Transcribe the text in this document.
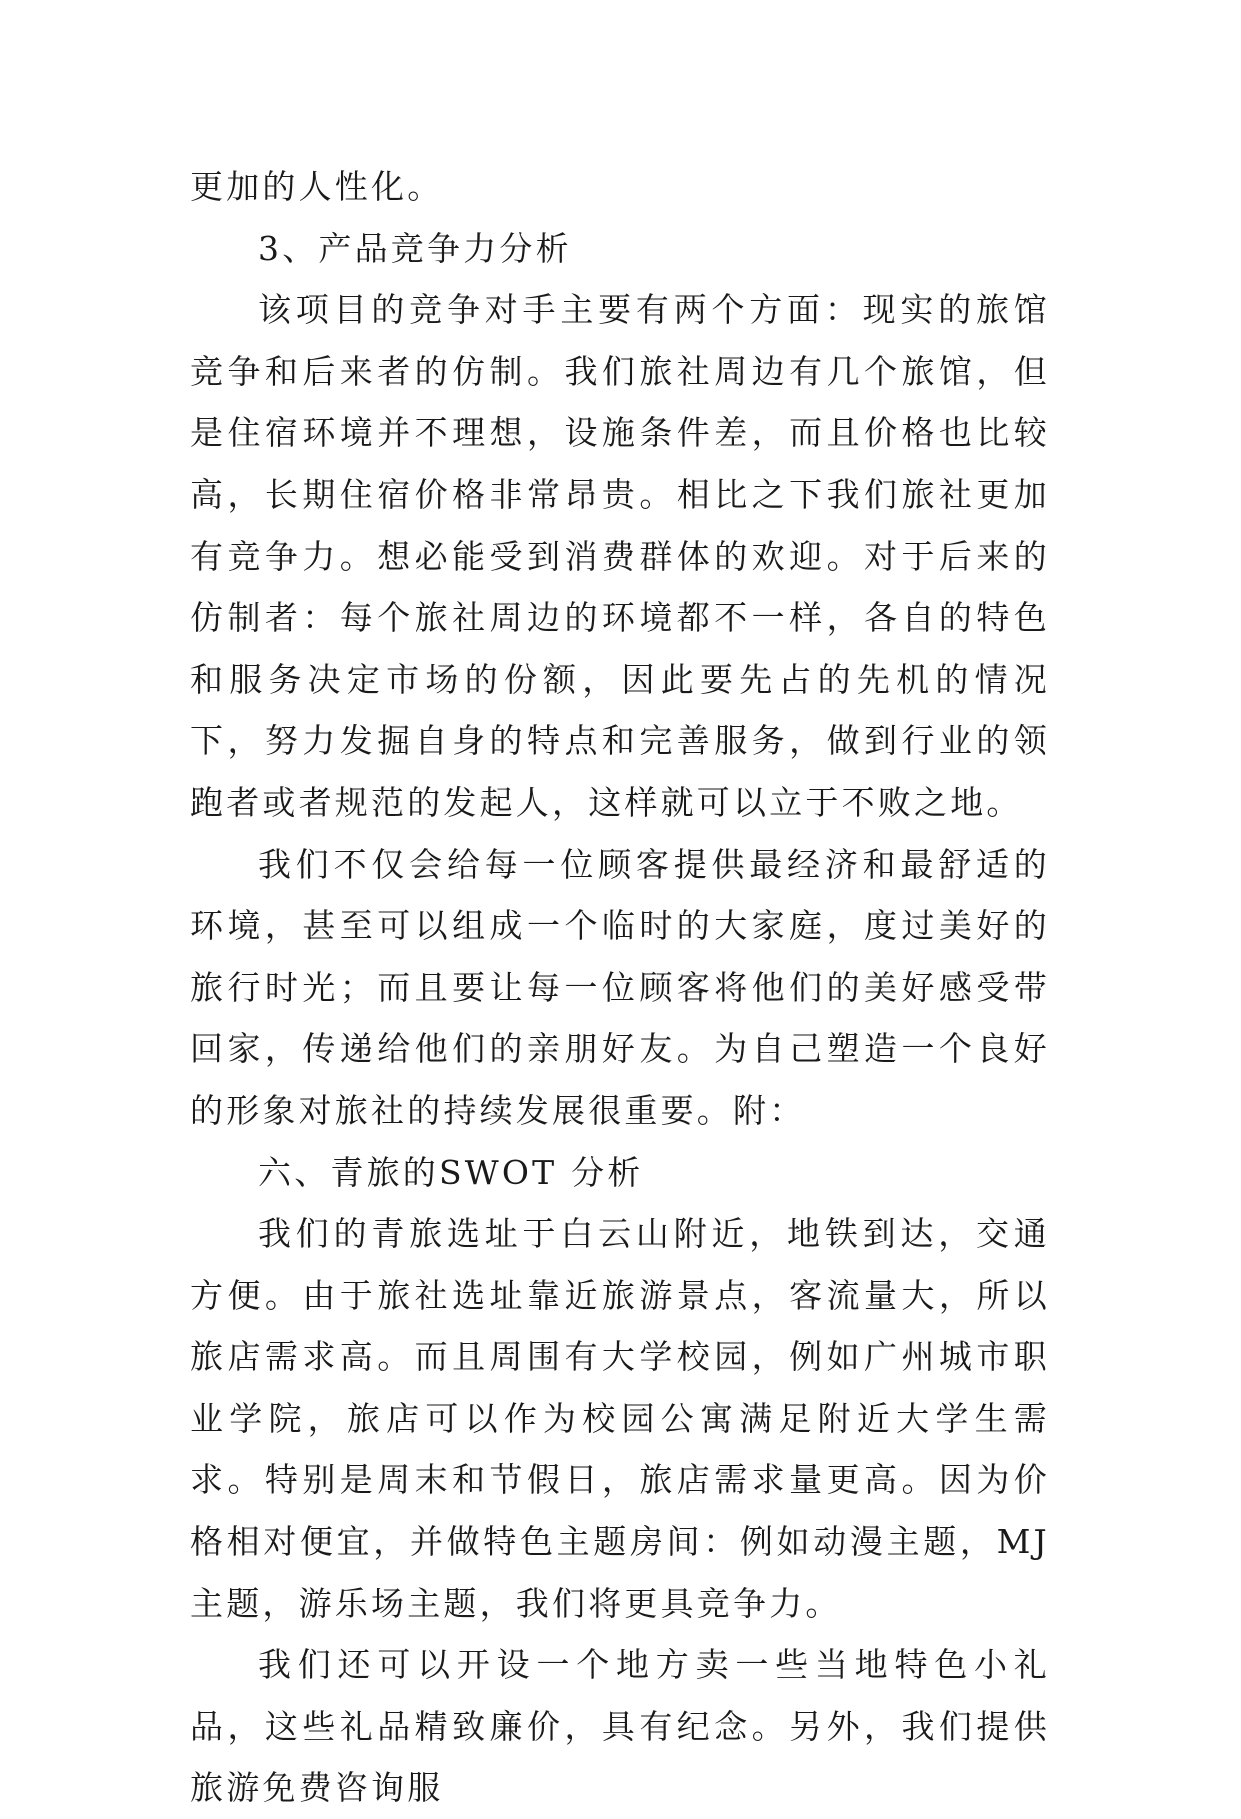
更加的人性化。

3、产品竞争力分析

该项目的竞争对手主要有两个方面：现实的旅馆竞争和后来者的仿制。我们旅社周边有几个旅馆，但是住宿环境并不理想，设施条件差，而且价格也比较高，长期住宿价格非常昂贵。相比之下我们旅社更加有竞争力。想必能受到消费群体的欢迎。对于后来的仿制者：每个旅社周边的环境都不一样，各自的特色和服务决定市场的份额，因此要先占的先机的情况下，努力发掘自身的特点和完善服务，做到行业的领跑者或者规范的发起人，这样就可以立于不败之地。

我们不仅会给每一位顾客提供最经济和最舒适的环境，甚至可以组成一个临时的大家庭，度过美好的旅行时光；而且要让每一位顾客将他们的美好感受带回家，传递给他们的亲朋好友。为自己塑造一个良好的形象对旅社的持续发展很重要。附：

六、青旅的SWOT 分析

我们的青旅选址于白云山附近，地铁到达，交通方便。由于旅社选址靠近旅游景点，客流量大，所以旅店需求高。而且周围有大学校园，例如广州城市职业学院，旅店可以作为校园公寓满足附近大学生需求。特别是周末和节假日，旅店需求量更高。因为价格相对便宜，并做特色主题房间：例如动漫主题，MJ 主题，游乐场主题，我们将更具竞争力。

我们还可以开设一个地方卖一些当地特色小礼品，这些礼品精致廉价，具有纪念。另外，我们提供旅游免费咨询服
